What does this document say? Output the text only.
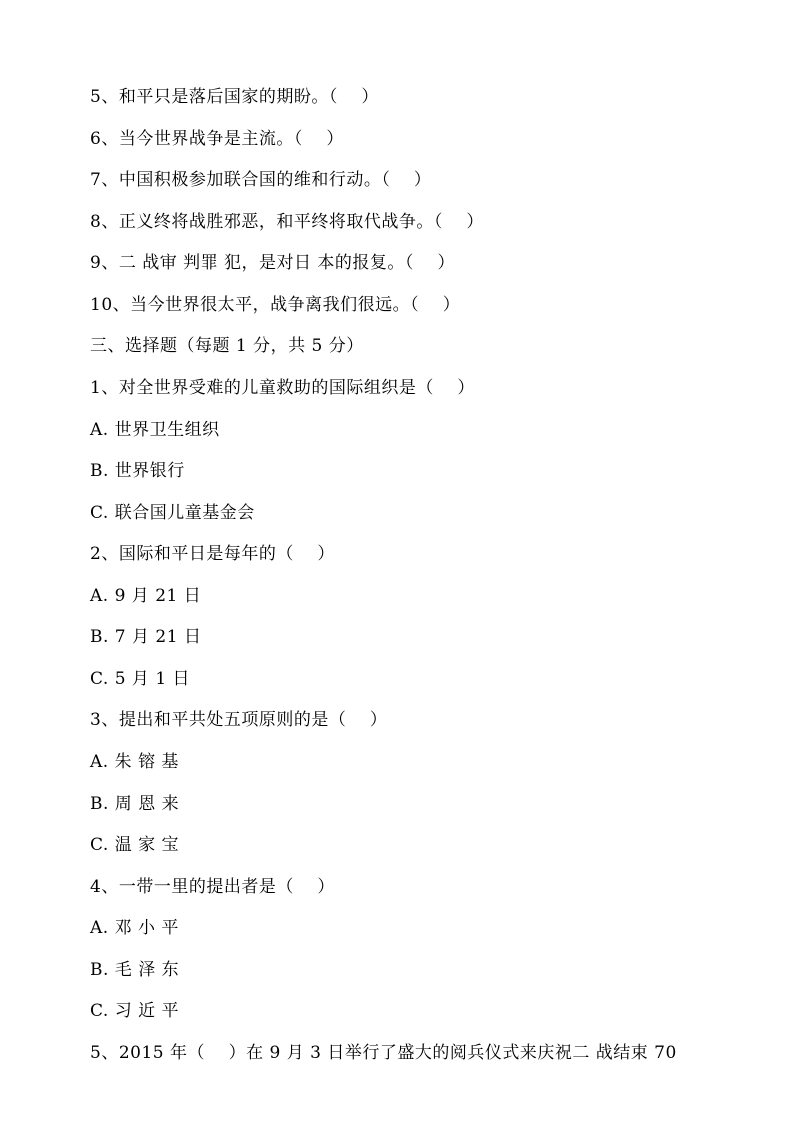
5、和平只是落后国家的期盼。（    ）
6、当今世界战争是主流。（    ）
7、中国积极参加联合国的维和行动。（    ）
8、正义终将战胜邪恶，和平终将取代战争。（    ）
9、二 战审 判罪 犯，是对日 本的报复。（    ）
10、当今世界很太平，战争离我们很远。（    ）
三、选择题（每题 1 分，共 5 分）
1、对全世界受难的儿童救助的国际组织是（    ）
A. 世界卫生组织
B. 世界银行
C. 联合国儿童基金会
2、国际和平日是每年的（    ）
A. 9 月 21 日
B. 7 月 21 日
C. 5 月 1 日
3、提出和平共处五项原则的是（    ）
A. 朱 镕 基
B. 周 恩 来
C. 温 家 宝
4、一带一里的提出者是（    ）
A. 邓 小 平
B. 毛 泽 东
C. 习 近 平
5、2015 年（    ）在 9 月 3 日举行了盛大的阅兵仪式来庆祝二 战结束 70
